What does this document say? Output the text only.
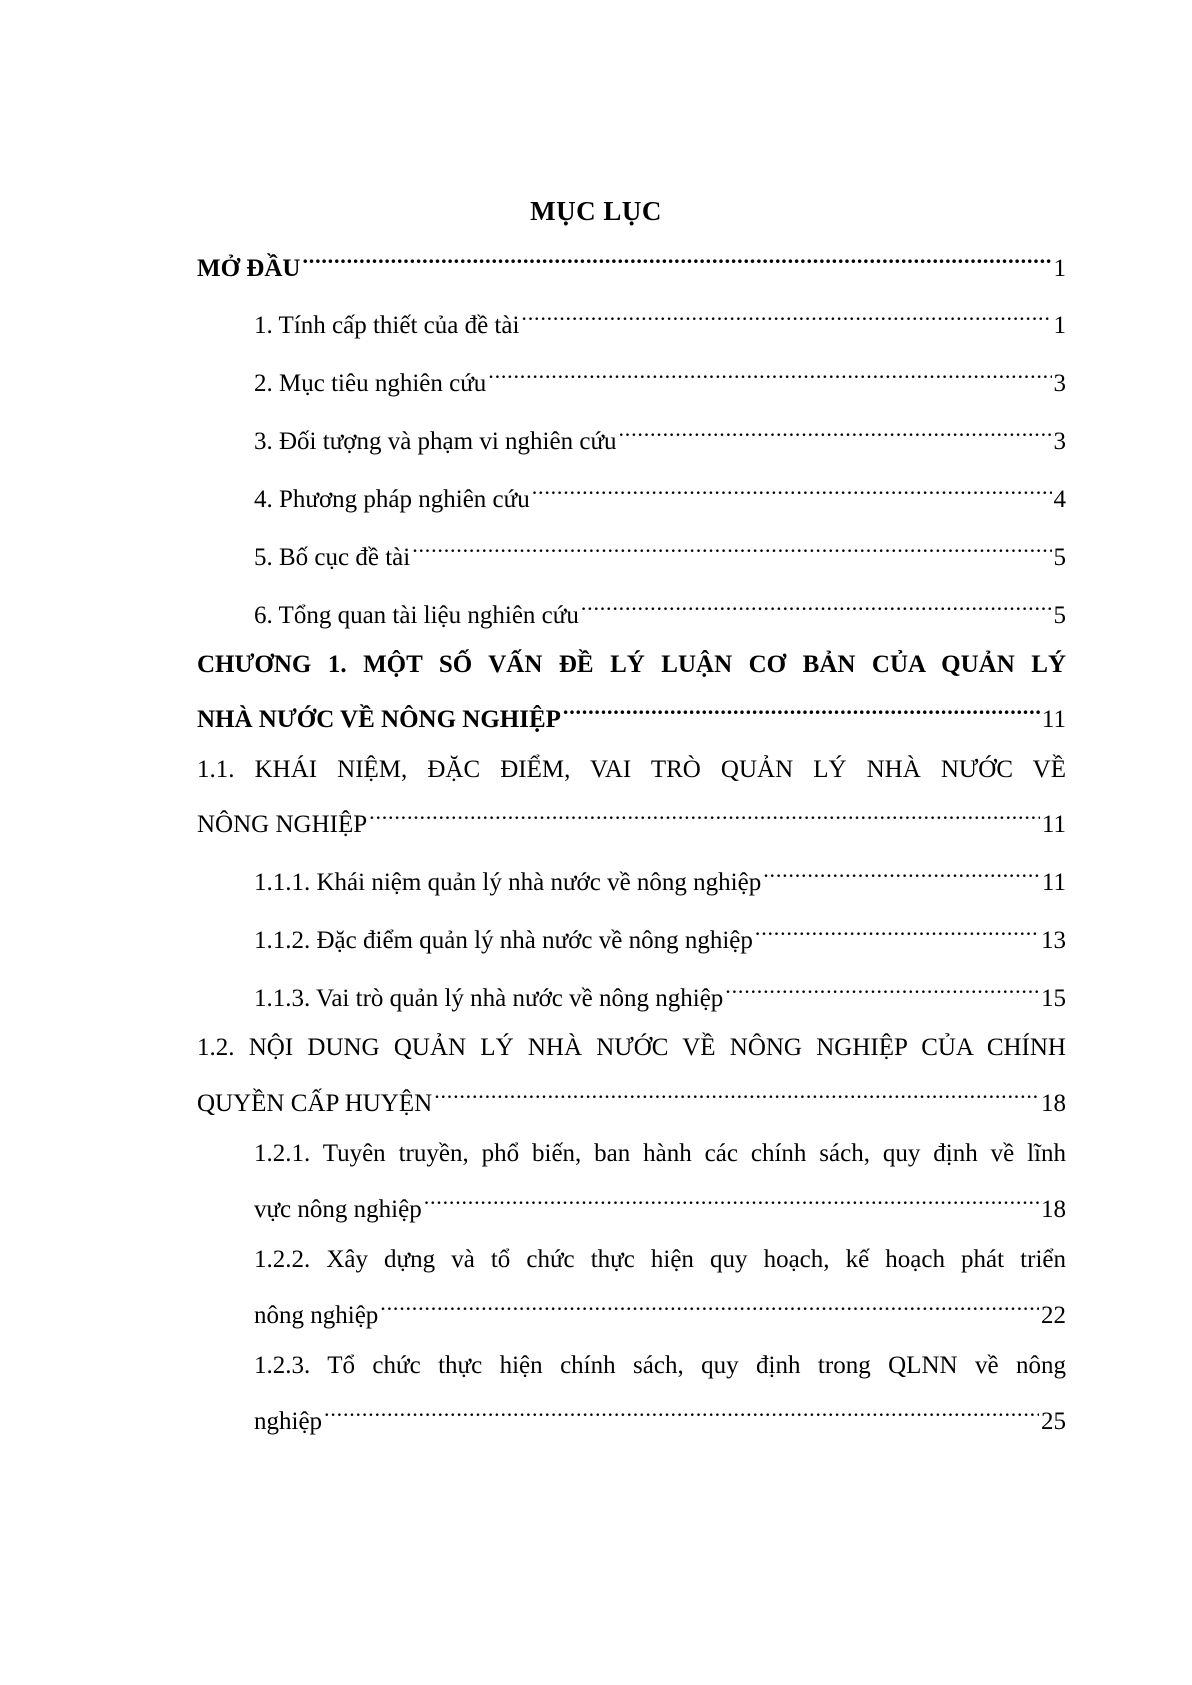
MỤC LỤC
MỞ ĐẦU .....	1
1. Tính cấp thiết của đề tài .....	1
2. Mục tiêu nghiên cứu .....	3
3. Đối tượng và phạm vi nghiên cứu .....	3
4. Phương pháp nghiên cứu .....	4
5. Bố cục đề tài .....	5
6. Tổng quan tài liệu nghiên cứu .....	5
CHƯƠNG 1. MỘT SỐ VẤN ĐỀ LÝ LUẬN CƠ BẢN CỦA QUẢN LÝ
NHÀ NƯỚC VỀ NÔNG NGHIỆP .....	11
1.1. KHÁI NIỆM, ĐẶC ĐIỂM, VAI TRÒ QUẢN LÝ NHÀ NƯỚC VỀ
NÔNG NGHIỆP .....	11
1.1.1. Khái niệm quản lý nhà nước về nông nghiệp .....	11
1.1.2. Đặc điểm quản lý nhà nước về nông nghiệp .....	13
1.1.3. Vai trò quản lý nhà nước về nông nghiệp .....	15
1.2. NỘI DUNG QUẢN LÝ NHÀ NƯỚC VỀ NÔNG NGHIỆP CỦA CHÍNH
QUYỀN CẤP HUYỆN .....	18
1.2.1. Tuyên truyền, phổ biến, ban hành các chính sách, quy định về lĩnh
vực nông nghiệp .....	18
1.2.2. Xây dựng và tổ chức thực hiện quy hoạch, kế hoạch phát triển
nông nghiệp .....	22
1.2.3. Tổ chức thực hiện chính sách, quy định trong QLNN về nông
nghiệp .....	25
